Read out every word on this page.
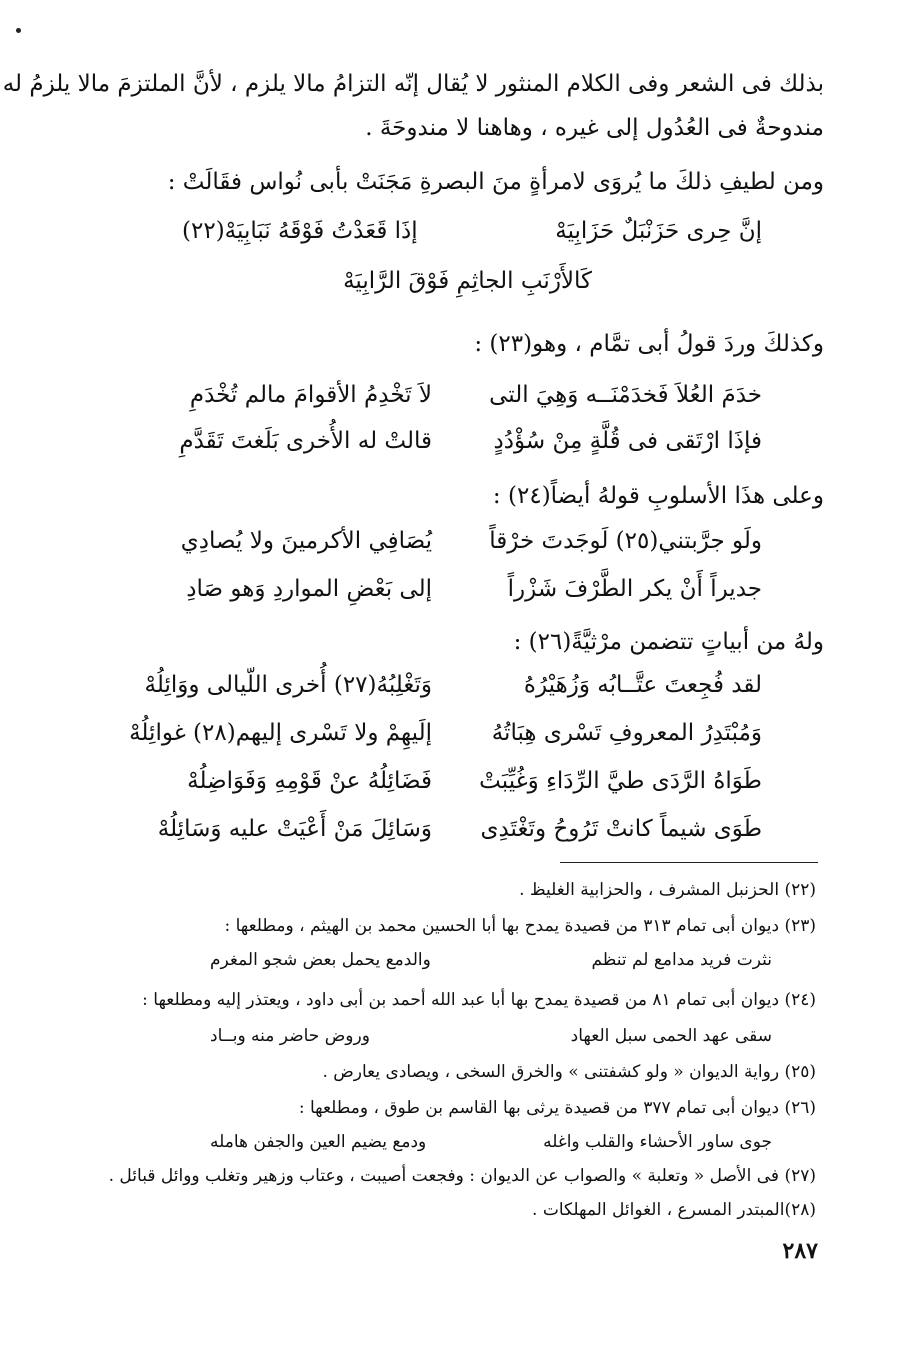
بذلك فى الشعر وفى الكلام المنثور لا يُقال إنّه التزامُ مالا يلزم ، لأنَّ الملتزمَ مالا يلزمُ له
مندوحةٌ فى العُدُول إلى غيره ، وهاهنا لا مندوحَةَ .
ومن لطيفِ ذلكَ ما يُروَى لامرأةٍ منَ البصرةِ مَجَنَتْ بأبى نُواس فقَالَتْ :
إنَّ حِرى حَزَنْبَلٌ حَزَابِيَهْ
إذَا قَعَدْتُ فَوْقَهُ نَبَابِيَهْ(٢٢)
كَالأَرْنَبِ الجاثِمِ فَوْقَ الرَّابِيَهْ
وكذلكَ وردَ قولُ أبى تمَّام ، وهو(٢٣) :
خدَمَ العُلاَ فَخدَمْنَــه وَهِيَ التى
لاَ تَخْدِمُ الأقوامَ مالم تُخْدَمِ
فإذَا ارْتَقى فى قُلَّةٍ مِنْ سُؤْدُدٍ
قالتْ له الأُخرى بَلَغتَ تَقَدَّمِ
وعلى هذَا الأسلوبِ قولهُ أيضاً(٢٤) :
ولَو جرَّبتني(٢٥) لَوجَدتَ خرْقاً
يُصَافِي الأكرمينَ ولا يُصادِي
جديراً أَنْ يكر الطَّرْفَ شَزْراً
إلى بَعْضِ المواردِ وَهو صَادِ
ولهُ من أبياتٍ تتضمن مرْثيَّةً(٢٦) :
لقد فُجِعتَ عتَّــابُه وَزُهَيْرُهُ
وَتَغْلِبُهُ(٢٧) أُخرى اللّيالى ووَائِلُهْ
وَمُبْتَدِرُ المعروفِ تَسْرى هِبَاتُهُ
إلَيهِمْ ولا تَسْرى إليهم(٢٨) غوائِلُهْ
طَوَاهُ الرَّدَى طيَّ الرِّدَاءِ وَغُيِّبَتْ
فَضَائِلُهُ عنْ قَوْمِهِ وَفَوَاضِلُهْ
طَوَى شيماً كانتْ تَرُوحُ وتَغْتَدِى
وَسَائِلَ مَنْ أَعْيَتْ عليه وَسَائِلُهْ
(٢٢) الحزنبل المشرف ، والحزابية الغليظ .
(٢٣) ديوان أبى تمام ٣١٣ من قصيدة يمدح بها أبا الحسين محمد بن الهيثم ، ومطلعها :
نثرت فريد مدامع لم تنظم
والدمع يحمل بعض شجو المغرم
(٢٤) ديوان أبى تمام ٨١ من قصيدة يمدح بها أبا عبد الله أحمد بن أبى داود ، ويعتذر إليه ومطلعها :
سقى عهد الحمى سبل العهاد
وروض حاضر منه وبــاد
(٢٥) رواية الديوان « ولو كشفتنى » والخرق السخى ، ويصادى يعارض .
(٢٦) ديوان أبى تمام ٣٧٧ من قصيدة يرثى بها القاسم بن طوق ، ومطلعها :
جوى ساور الأحشاء والقلب واغله
ودمع يضيم العين والجفن هامله
(٢٧) فى الأصل « وتعلبة » والصواب عن الديوان : وفجعت أصيبت ، وعتاب وزهير وتغلب ووائل قبائل .
(٢٨)المبتدر المسرع ، الغوائل المهلكات .
٢٨٧
